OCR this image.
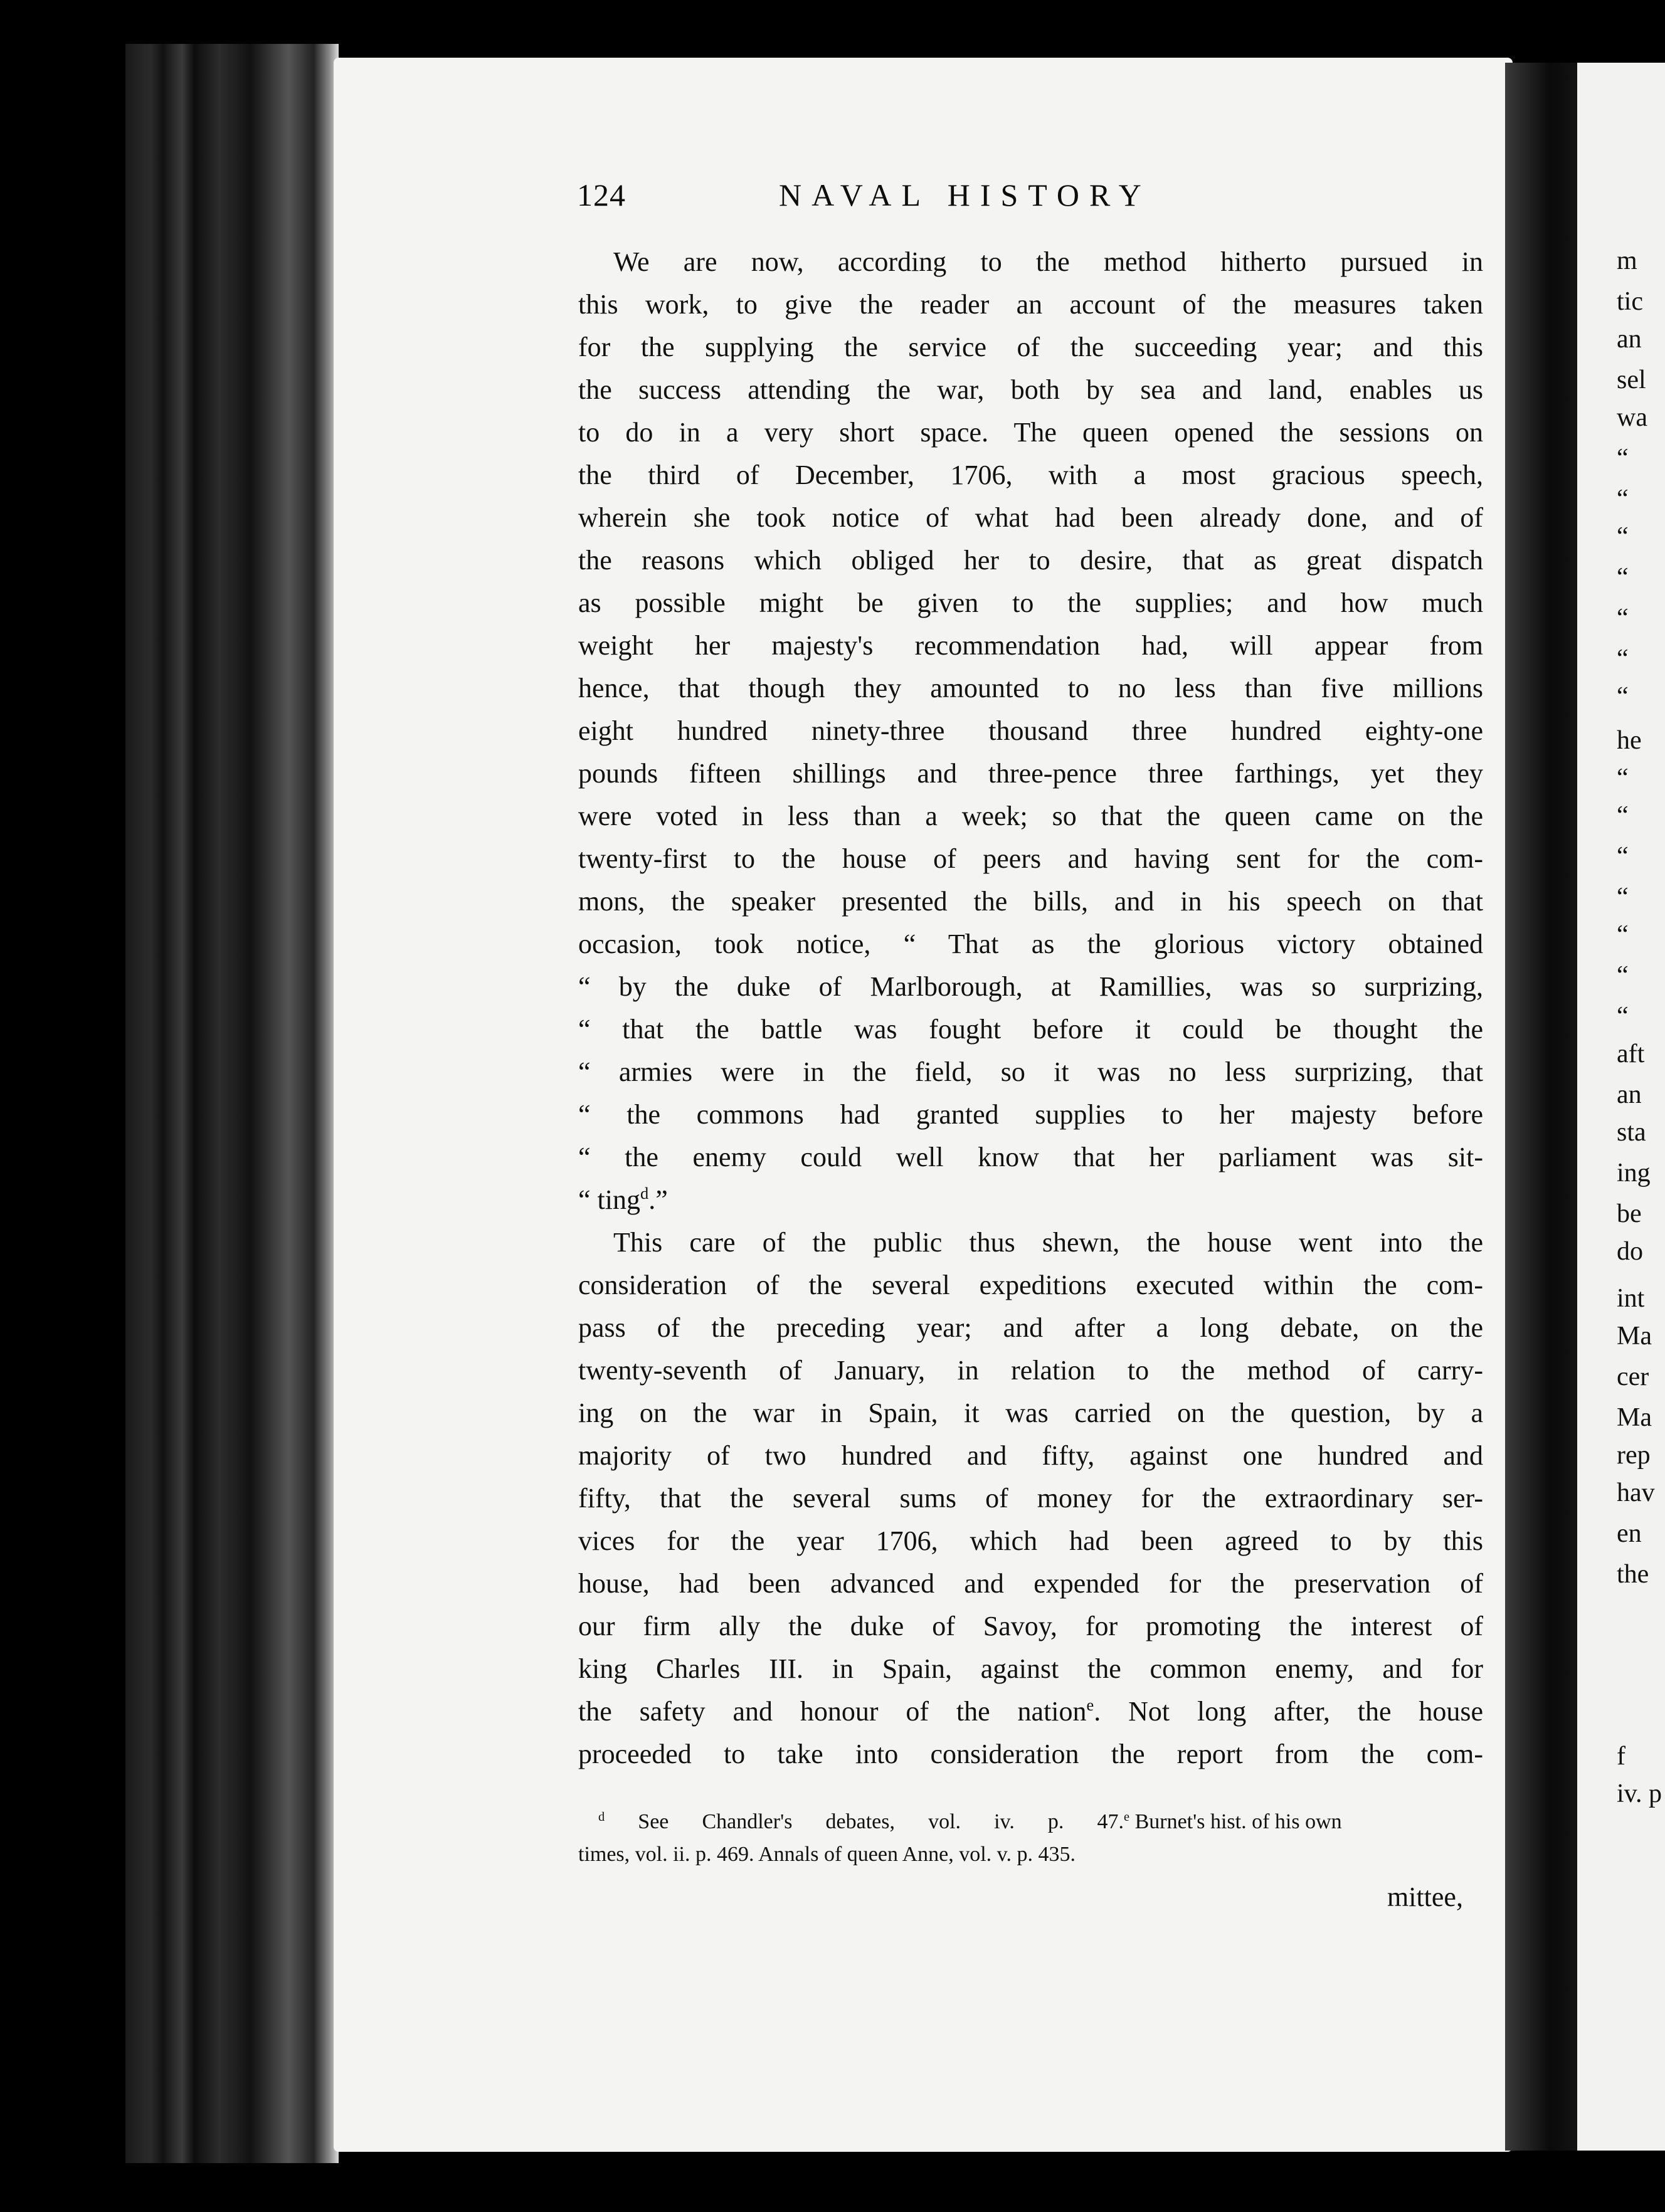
m
tic
an
sel
wa
“
“
“
“
“
“
“
he
“
“
“
“
“
“
“
aft
an
sta
ing
be
do
int
Ma
cer
Ma
rep
hav
en
the
f
iv. p
124	NAVAL HISTORY

We are now, according to the method hitherto pursued in
this work, to give the reader an account of the measures taken
for the supplying the service of the succeeding year; and this
the success attending the war, both by sea and land, enables us
to do in a very short space. The queen opened the sessions on
the third of December, 1706, with a most gracious speech,
wherein she took notice of what had been already done, and of
the reasons which obliged her to desire, that as great dispatch
as possible might be given to the supplies; and how much
weight her majesty's recommendation had, will appear from
hence, that though they amounted to no less than five millions
eight hundred ninety-three thousand three hundred eighty-one
pounds fifteen shillings and three-pence three farthings, yet they
were voted in less than a week; so that the queen came on the
twenty-first to the house of peers and having sent for the com-
mons, the speaker presented the bills, and in his speech on that
occasion, took notice, “ That as the glorious victory obtained
“ by the duke of Marlborough, at Ramillies, was so surprizing,
“ that the battle was fought before it could be thought the
“ armies were in the field, so it was no less surprizing, that
“ the commons had granted supplies to her majesty before
“ the enemy could well know that her parliament was sit-

“ ting$^d$.”

This care of the public thus shewn, the house went into the
consideration of the several expeditions executed within the com-
pass of the preceding year; and after a long debate, on the
twenty-seventh of January, in relation to the method of carry-
ing on the war in Spain, it was carried on the question, by a
majority of two hundred and fifty, against one hundred and
fifty, that the several sums of money for the extraordinary ser-
vices for the year 1706, which had been agreed to by this
house, had been advanced and expended for the preservation of
our firm ally the duke of Savoy, for promoting the interest of
king Charles III. in Spain, against the common enemy, and for

the safety and honour of the nation$^e$. Not long after, the house
proceeded to take into consideration the report from the com-

$^d$ See Chandler's debates, vol. iv. p. 47.$^e$ Burnet's hist. of his own
times, vol. ii. p. 469. Annals of queen Anne, vol. v. p. 435.
mittee,
